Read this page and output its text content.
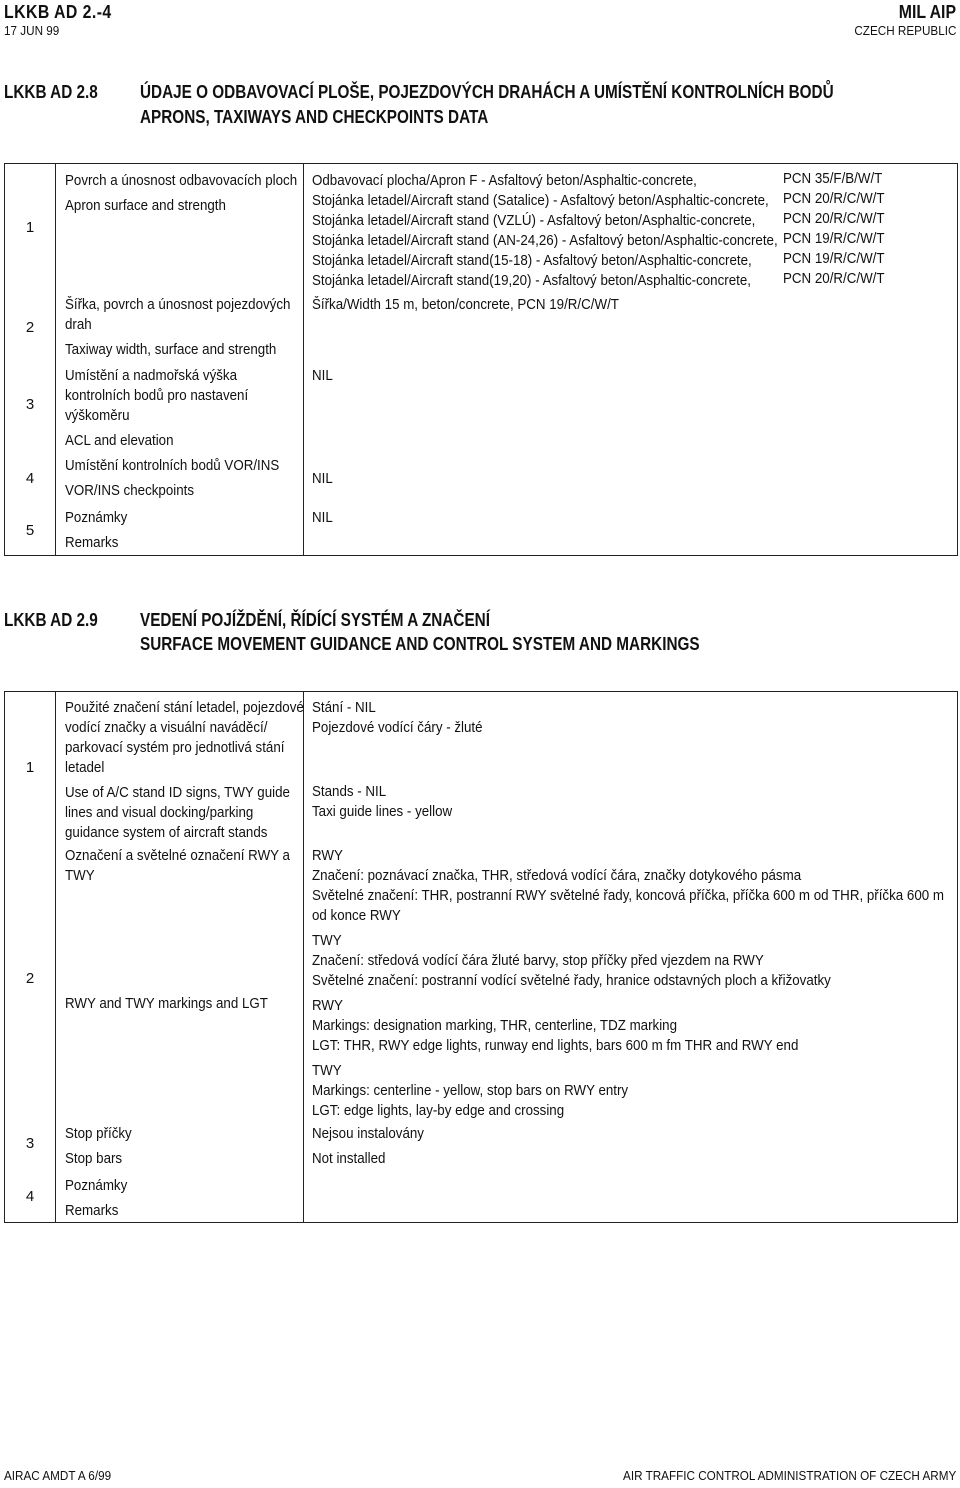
LKKB AD 2.-4
17 JUN 99
MIL AIP
CZECH REPUBLIC
LKKB AD 2.8 ÚDAJE O ODBAVOVACÍ PLOŠE, POJEZDOVÝCH DRAHÁCH A UMÍSTĚNÍ KONTROLNÍCH BODŮ
APRONS, TAXIWAYS AND CHECKPOINTS DATA
1
Povrch a únosnost odbavovacích ploch
Apron surface and strength
Odbavovací plocha/Apron F - Asfaltový beton/Asphaltic-concrete,
Stojánka letadel/Aircraft stand (Satalice) - Asfaltový beton/Asphaltic-concrete,
Stojánka letadel/Aircraft stand (VZLÚ) - Asfaltový beton/Asphaltic-concrete,
Stojánka letadel/Aircraft stand (AN-24,26) - Asfaltový beton/Asphaltic-concrete,
Stojánka letadel/Aircraft stand(15-18) - Asfaltový beton/Asphaltic-concrete,
Stojánka letadel/Aircraft stand(19,20) - Asfaltový beton/Asphaltic-concrete,
PCN 35/F/B/W/T
PCN 20/R/C/W/T
PCN 20/R/C/W/T
PCN 19/R/C/W/T
PCN 19/R/C/W/T
PCN 20/R/C/W/T
2
Šířka, povrch a únosnost pojezdových
drah
Taxiway width, surface and strength
Šířka/Width 15 m, beton/concrete, PCN 19/R/C/W/T
3
Umístění a nadmořská výška
kontrolních bodů pro nastavení
výškoměru
ACL and elevation
NIL
4
Umístění kontrolních bodů VOR/INS
VOR/INS checkpoints
NIL
5
Poznámky
Remarks
NIL
LKKB AD 2.9 VEDENÍ POJÍŽDĚNÍ, ŘÍDÍCÍ SYSTÉM A ZNAČENÍ
SURFACE MOVEMENT GUIDANCE AND CONTROL SYSTEM AND MARKINGS
1
Použité značení stání letadel, pojezdové
vodící značky a visuální naváděcí/
parkovací systém pro jednotlivá stání
letadel
Use of A/C stand ID signs, TWY guide
lines and visual docking/parking
guidance system of aircraft stands
Stání - NIL
Pojezdové vodící čáry - žluté
Stands - NIL
Taxi guide lines - yellow
2
Označení a světelné označení RWY a
TWY
RWY and TWY markings and LGT
RWY
Značení: poznávací značka, THR, středová vodící čára, značky dotykového pásma
Světelné značení: THR, postranní RWY světelné řady, koncová příčka, příčka 600 m od THR, příčka 600 m od konce RWY
TWY
Značení: středová vodící čára žluté barvy, stop příčky před vjezdem na RWY
Světelné značení: postranní vodící světelné řady, hranice odstavných ploch a křižovatky
RWY
Markings: designation marking, THR, centerline, TDZ marking
LGT: THR, RWY edge lights, runway end lights, bars 600 m fm THR and RWY end
TWY
Markings: centerline - yellow, stop bars on RWY entry
LGT: edge lights, lay-by edge and crossing
3
Stop příčky
Stop bars
Nejsou instalovány
Not installed
4
Poznámky
Remarks
AIRAC AMDT A 6/99	AIR TRAFFIC CONTROL ADMINISTRATION OF CZECH ARMY
